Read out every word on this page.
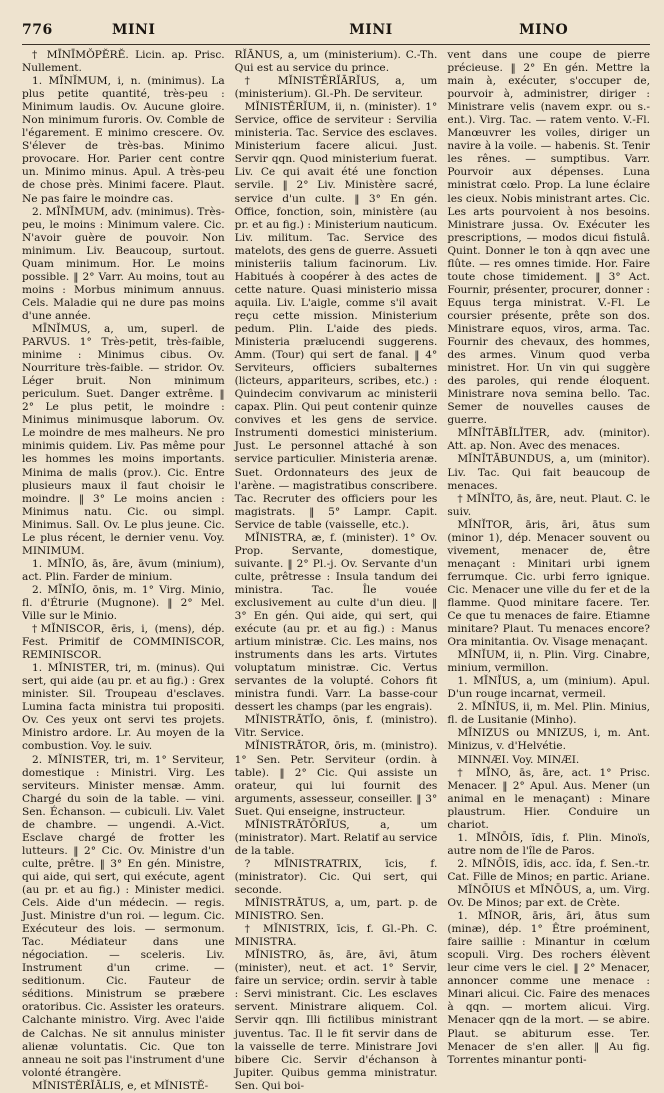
776	MINI	MINI	MINO

† MĪNĪMŎPĔRĔ. Licin. ap. Prisc. Nullement.

1. MĪNĬMUM, i, n. (minimus). La plus petite quantité, très-peu : Minimum laudis. Ov. Aucune gloire. Non minimum furoris. Ov. Comble de l'égarement. E minimo crescere. Ov. S'élever de très-bas. Minimo provocare. Hor. Parier cent contre un. Minimo minus. Apul. A très-peu de chose près. Minimi facere. Plaut. Ne pas faire le moindre cas.

2. MĪNĬMUM, adv. (minimus). Très-peu, le moins : Minimum valere. Cic. N'avoir guère de pouvoir. Non minimum. Liv. Beaucoup, surtout. Quam minimum. Hor. Le moins possible. ‖ 2° Varr. Au moins, tout au moins : Morbus minimum annuus. Cels. Maladie qui ne dure pas moins d'une année.

MĪNĬMUS, a, um, superl. de PARVUS. 1° Très-petit, très-faible, minime : Minimus cibus. Ov. Nourriture très-faible. — stridor. Ov. Léger bruit. Non minimum periculum. Suet. Danger extrême. ‖ 2° Le plus petit, le moindre : Minimus minimusque laborum. Ov. Le moindre de mes malheurs. Ne pro minimis quidem. Liv. Pas même pour les hommes les moins importants. Minima de malis (prov.). Cic. Entre plusieurs maux il faut choisir le moindre. ‖ 3° Le moins ancien : Minimus natu. Cic. ou simpl. Minimus. Sall. Ov. Le plus jeune. Cic. Le plus récent, le dernier venu. Voy. MINIMUM.

1. MĬNĬO, ās, āre, āvum (minium), act. Plin. Farder de minium.

2. MĪNĬO, ōnis, m. 1° Virg. Minio, fl. d'Étrurie (Mugnone). ‖ 2° Mel. Ville sur le Minio.

†MĬNISCOR, ēris, i, (mens), dép. Fest. Primitif de COMMINISCOR, REMINISCOR.

1. MĬNISTER, tri, m. (minus). Qui sert, qui aide (au pr. et au fig.) : Grex minister. Sil. Troupeau d'esclaves. Lumina facta ministra tui propositi. Ov. Ces yeux ont servi tes projets. Ministro ardore. Lr. Au moyen de la combustion. Voy. le suiv.

2. MĬNISTER, tri, m. 1° Serviteur, domestique : Ministri. Virg. Les serviteurs. Minister mensæ. Amm. Chargé du soin de la table. — vini. Sen. Échanson. — cubiculi. Liv. Valet de chambre. — ungendi. A.-Vict. Esclave chargé de frotter les lutteurs. ‖ 2° Cic. Ov. Ministre d'un culte, prêtre. ‖ 3° En gén. Ministre, qui aide, qui sert, qui exécute, agent (au pr. et au fig.) : Minister medici. Cels. Aide d'un médecin. — regis. Just. Ministre d'un roi. — legum. Cic. Exécuteur des lois. — sermonum. Tac. Médiateur dans une négociation. — sceleris. Liv. Instrument d'un crime. — seditionum. Cic. Fauteur de séditions. Ministrum se præbere oratoribus. Cic. Assister les orateurs. Calchante ministro. Virg. Avec l'aide de Calchas. Ne sit annulus minister alienæ voluntatis. Cic. Que ton anneau ne soit pas l'instrument d'une volonté étrangère.

MĬNISTĔRĬĀLIS, e, et MĬNISTĔ-

RĬĀNUS, a, um (ministerium). C.-Th. Qui est au service du prince.

† MĬNISTĔRĬĀRĬUS, a, um (ministerium). Gl.-Ph. De serviteur.

MĬNISTĔRĬUM, ii, n. (minister). 1° Service, office de serviteur : Servilia ministeria. Tac. Service des esclaves. Ministerium facere alicui. Just. Servir qqn. Quod ministerium fuerat. Liv. Ce qui avait été une fonction servile. ‖ 2° Liv. Ministère sacré, service d'un culte. ‖ 3° En gén. Office, fonction, soin, ministère (au pr. et au fig.) : Ministerium nauticum. Liv. militum. Tac. Service des matelots, des gens de guerre. Assueti ministeriis talium facinorum. Liv. Habitués à coopérer à des actes de cette nature. Quasi ministerio missa aquila. Liv. L'aigle, comme s'il avait reçu cette mission. Ministerium pedum. Plin. L'aide des pieds. Ministeria prælucendi suggerens. Amm. (Tour) qui sert de fanal. ‖ 4° Serviteurs, officiers subalternes (licteurs, appariteurs, scribes, etc.) : Quindecim convivarum ac ministerii capax. Plin. Qui peut contenir quinze convives et les gens de service. Instrumenti domestici ministerium. Just. Le personnel attaché à son service particulier. Ministeria arenæ. Suet. Ordonnateurs des jeux de l'arène. — magistratibus conscribere. Tac. Recruter des officiers pour les magistrats. ‖ 5° Lampr. Capit. Service de table (vaisselle, etc.).

MĬNISTRA, æ, f. (minister). 1° Ov. Prop. Servante, domestique, suivante. ‖ 2° Pl.-j. Ov. Servante d'un culte, prêtresse : Insula tandum dei ministra. Tac. Île vouée exclusivement au culte d'un dieu. ‖ 3° En gén. Qui aide, qui sert, qui exécute (au pr. et au fig.) : Manus artium ministræ. Cic. Les mains, nos instruments dans les arts. Virtutes voluptatum ministræ. Cic. Vertus servantes de la volupté. Cohors fit ministra fundi. Varr. La basse-cour dessert les champs (par les engrais).

MĬNISTRĀTĬO, ōnis, f. (ministro). Vitr. Service.

MĬNISTRĀTOR, ōris, m. (ministro). 1° Sen. Petr. Serviteur (ordin. à table). ‖ 2° Cic. Qui assiste un orateur, qui lui fournit des arguments, assesseur, conseiller. ‖ 3° Suet. Qui enseigne, instructeur.

MĬNISTRĀTŌRĬUS, a, um (ministrator). Mart. Relatif au service de la table.

? MĬNISTRATRIX, īcis, f. (ministrator). Cic. Qui sert, qui seconde.

MĬNISTRĀTUS, a, um, part. p. de MINISTRO. Sen.

† MĬNISTRIX, īcis, f. Gl.-Ph. C. MINISTRA.

MĬNISTRO, ās, āre, āvi, ātum (minister), neut. et act. 1° Servir, faire un service; ordin. servir à table : Servi ministrant. Cic. Les esclaves servent. Ministrare aliquem. Col. Servir qqn. Illi fictilibus ministrant juventus. Tac. Il le fit servir dans de la vaisselle de terre. Ministrare Jovi bibere Cic. Servir d'échanson à Jupiter. Quibus gemma ministratur. Sen. Qui boi-

vent dans une coupe de pierre précieuse. ‖ 2° En gén. Mettre la main à, exécuter, s'occuper de, pourvoir à, administrer, diriger : Ministrare velis (navem expr. ou s.-ent.). Virg. Tac. — ratem vento. V.-Fl. Manœuvrer les voiles, diriger un navire à la voile. — habenis. St. Tenir les rênes. — sumptibus. Varr. Pourvoir aux dépenses. Luna ministrat cœlo. Prop. La lune éclaire les cieux. Nobis ministrant artes. Cic. Les arts pourvoient à nos besoins. Ministrare jussa. Ov. Exécuter les prescriptions, — modos dicui fistulâ. Quint. Donner le ton à qqn avec une flûte. — res omnes timide. Hor. Faire toute chose timidement. ‖ 3° Act. Fournir, présenter, procurer, donner : Equus terga ministrat. V.-Fl. Le coursier présente, prête son dos. Ministrare equos, viros, arma. Tac. Fournir des chevaux, des hommes, des armes. Vinum quod verba ministret. Hor. Un vin qui suggère des paroles, qui rende éloquent. Ministrare nova semina bello. Tac. Semer de nouvelles causes de guerre.

MĬNĬTĀBĬLĬTER, adv. (minitor). Att. ap. Non. Avec des menaces.

MĬNĬTĀBUNDUS, a, um (minitor). Liv. Tac. Qui fait beaucoup de menaces.

† MĬNĬTO, ās, āre, neut. Plaut. C. le suiv.

MĬNĬTOR, āris, āri, ātus sum (minor 1), dép. Menacer souvent ou vivement, menacer de, être menaçant : Minitari urbi ignem ferrumque. Cic. urbi ferro ignique. Cic. Menacer une ville du fer et de la flamme. Quod minitare facere. Ter. Ce que tu menaces de faire. Etiamne minitare? Plaut. Tu menaces encore? Ora minitantia. Ov. Visage menaçant.

MĬNĬUM, ii, n. Plin. Virg. Cinabre, minium, vermillon.

1. MĬNĬUS, a, um (minium). Apul. D'un rouge incarnat, vermeil.

2. MĬNĬUS, ii, m. Mel. Plin. Minius, fl. de Lusitanie (Minho).

MĬNIZUS ou MNIZUS, i, m. Ant. Minizus, v. d'Helvétie.

MINNÆI. Voy. MINÆI.

† MĬNO, ās, āre, act. 1° Prisc. Menacer. ‖ 2° Apul. Aus. Mener (un animal en le menaçant) : Minare plaustrum. Hier. Conduire un chariot.

1. MĬNŌIS, ĭdis, f. Plin. Minoïs, autre nom de l'île de Paros.

2. MĬNŌIS, ĭdis, acc. ĭda, f. Sen.-tr. Cat. Fille de Minos; en partic. Ariane.

MĬNŌIUS et MĬNŌUS, a, um. Virg. Ov. De Minos; par ext. de Crète.

1. MĬNOR, āris, āri, ātus sum (minæ), dép. 1° Être proéminent, faire saillie : Minantur in cœlum scopuli. Virg. Des rochers élèvent leur cime vers le ciel. ‖ 2° Menacer, annoncer comme une menace : Minari alicui. Cic. Faire des menaces à qqn. — mortem alicui. Virg. Menacer qqn de la mort. — se abire. Plaut. se abiturum esse. Ter. Menacer de s'en aller. ‖ Au fig. Torrentes minantur ponti-
